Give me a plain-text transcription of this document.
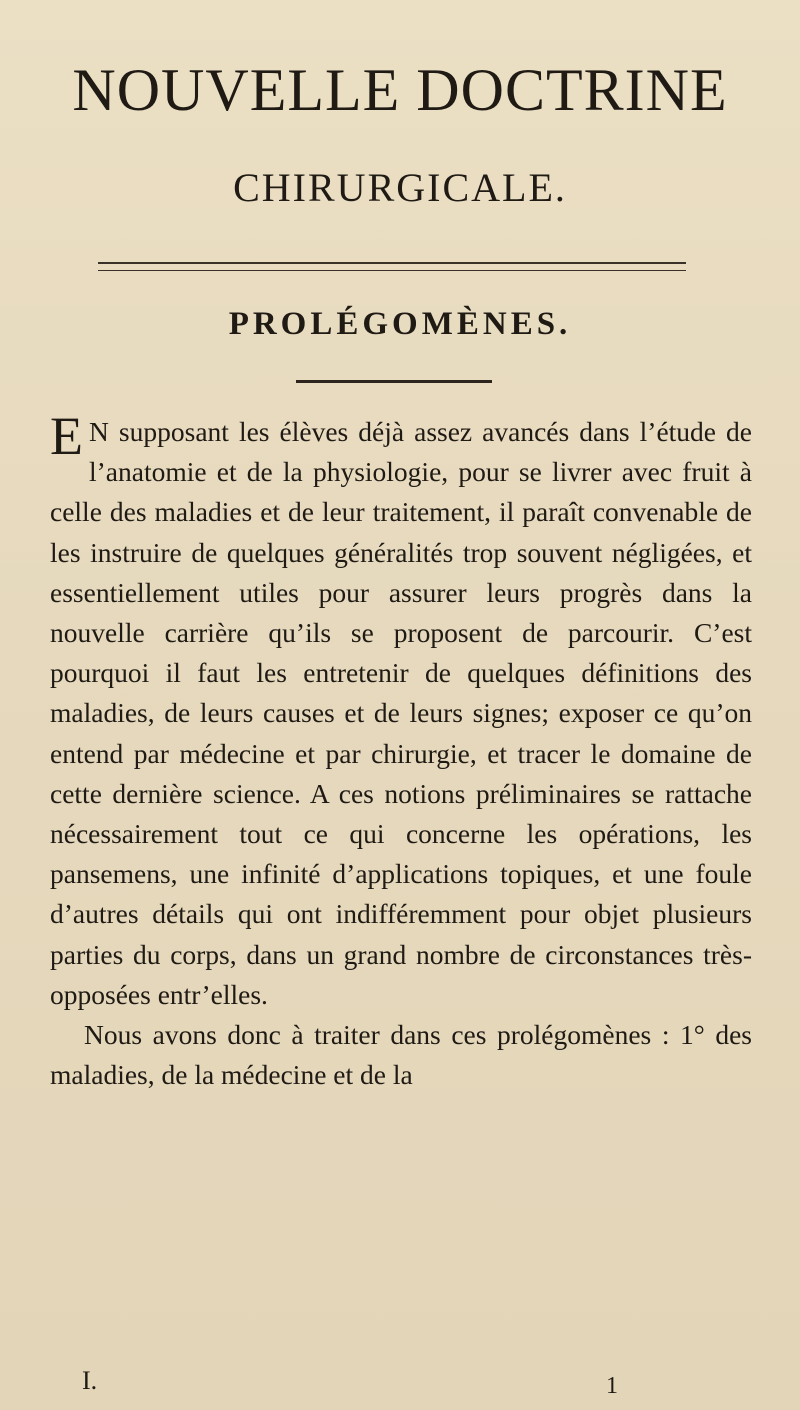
NOUVELLE DOCTRINE
CHIRURGICALE.
PROLÉGOMÈNES.

E N supposant les élèves déjà assez avancés dans l’étude de l’anatomie et de la physiologie, pour se livrer avec fruit à celle des maladies et de leur traitement, il paraît convenable de les instruire de quelques généralités trop souvent négligées, et essentiellement utiles pour assurer leurs progrès dans la nouvelle carrière qu’ils se proposent de parcourir. C’est pourquoi il faut les entretenir de quelques définitions des maladies, de leurs causes et de leurs signes; exposer ce qu’on entend par médecine et par chirurgie, et tracer le domaine de cette dernière science. A ces notions préliminaires se rattache nécessairement tout ce qui concerne les opérations, les pansemens, une infinité d’applications topiques, et une foule d’autres détails qui ont indifféremment pour objet plusieurs parties du corps, dans un grand nombre de circonstances très-opposées entr’elles.

Nous avons donc à traiter dans ces prolégomènes : 1° des maladies, de la médecine et de la

I.	1
